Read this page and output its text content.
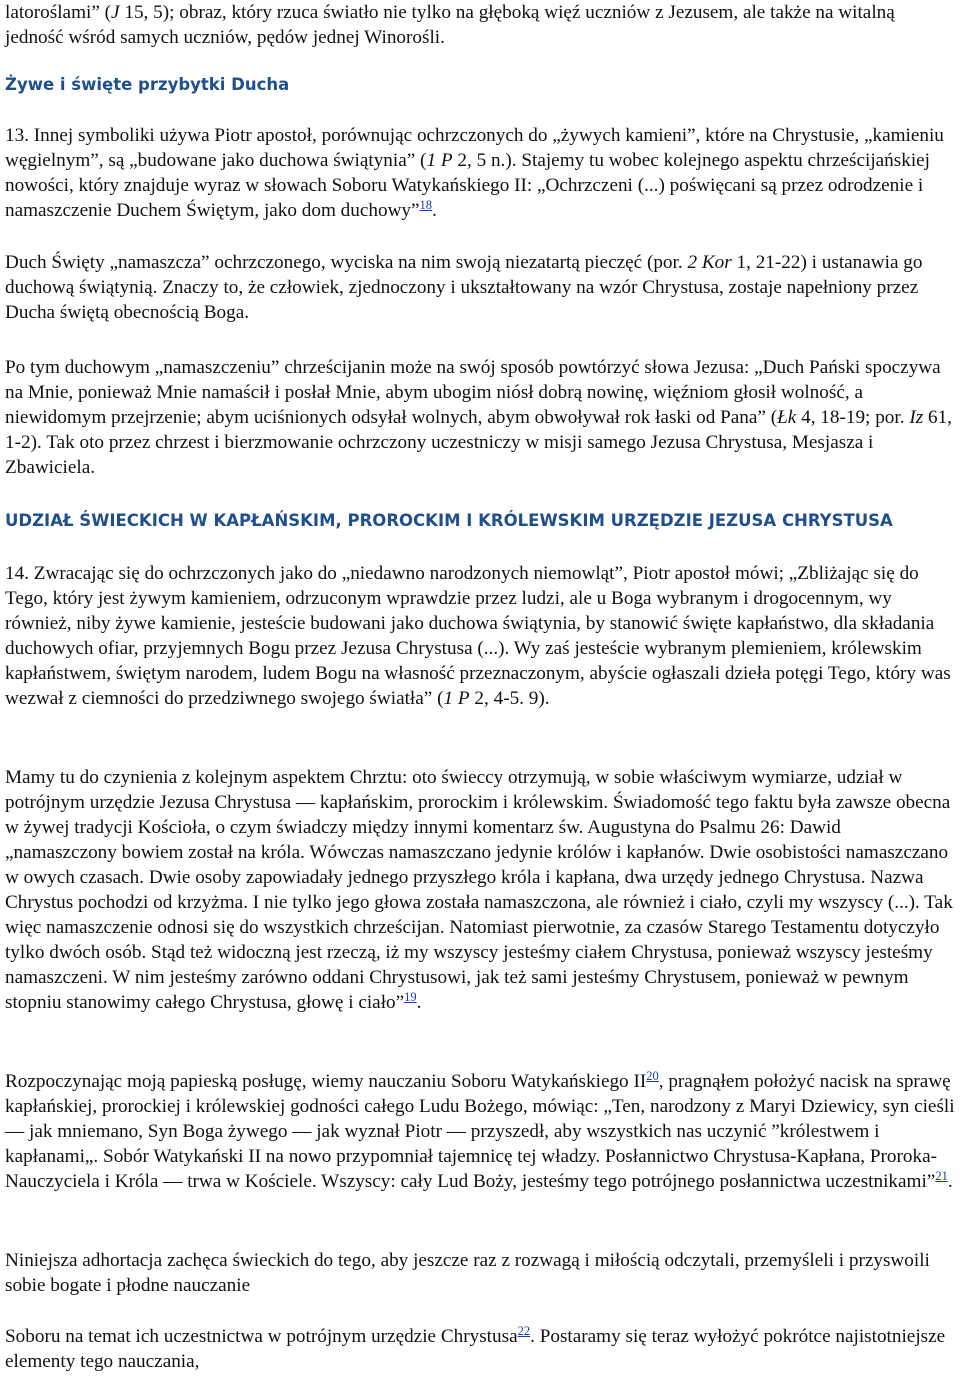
latoroślami” (J 15, 5); obraz, który rzuca światło nie tylko na głęboką więź uczniów z Jezusem, ale także na witalną jedność wśród samych uczniów, pędów jednej Winorośli.

Żywe i święte przybytki Ducha

13. Innej symboliki używa Piotr apostoł, porównując ochrzczonych do „żywych kamieni”, które na Chrystusie, „kamieniu węgielnym”, są „budowane jako duchowa świątynia” (1 P 2, 5 n.). Stajemy tu wobec kolejnego aspektu chrześcijańskiej nowości, który znajduje wyraz w słowach Soboru Watykańskiego II: „Ochrzczeni (...) poświęcani są przez odrodzenie i namaszczenie Duchem Świętym, jako dom duchowy”$^{18}$.

Duch Święty „namaszcza” ochrzczonego, wyciska na nim swoją niezatartą pieczęć (por. 2 Kor 1, 21-22) i ustanawia go duchową świątynią. Znaczy to, że człowiek, zjednoczony i ukształtowany na wzór Chrystusa, zostaje napełniony przez Ducha świętą obecnością Boga.

Po tym duchowym „namaszczeniu” chrześcijanin może na swój sposób powtórzyć słowa Jezusa: „Duch Pański spoczywa na Mnie, ponieważ Mnie namaścił i posłał Mnie, abym ubogim niósł dobrą nowinę, więźniom głosił wolność, a niewidomym przejrzenie; abym uciśnionych odsyłał wolnych, abym obwoływał rok łaski od Pana” (Łk 4, 18-19; por. Iz 61, 1-2). Tak oto przez chrzest i bierzmowanie ochrzczony uczestniczy w misji samego Jezusa Chrystusa, Mesjasza i Zbawiciela.

UDZIAŁ ŚWIECKICH W KAPŁAŃSKIM, PROROCKIM I KRÓLEWSKIM URZĘDZIE JEZUSA CHRYSTUSA

14. Zwracając się do ochrzczonych jako do „niedawno narodzonych niemowląt”, Piotr apostoł mówi; „Zbliżając się do Tego, który jest żywym kamieniem, odrzuconym wprawdzie przez ludzi, ale u Boga wybranym i drogocennym, wy również, niby żywe kamienie, jesteście budowani jako duchowa świątynia, by stanowić święte kapłaństwo, dla składania duchowych ofiar, przyjemnych Bogu przez Jezusa Chrystusa (...). Wy zaś jesteście wybranym plemieniem, królewskim kapłaństwem, świętym narodem, ludem Bogu na własność przeznaczonym, abyście ogłaszali dzieła potęgi Tego, który was wezwał z ciemności do przedziwnego swojego światła” (1 P 2, 4-5. 9).

Mamy tu do czynienia z kolejnym aspektem Chrztu: oto świeccy otrzymują, w sobie właściwym wymiarze, udział w potrójnym urzędzie Jezusa Chrystusa — kapłańskim, prorockim i królewskim. Świadomość tego faktu była zawsze obecna w żywej tradycji Kościoła, o czym świadczy między innymi komentarz św. Augustyna do Psalmu 26: Dawid „namaszczony bowiem został na króla. Wówczas namaszczano jedynie królów i kapłanów. Dwie osobistości namaszczano w owych czasach. Dwie osoby zapowiadały jednego przyszłego króla i kapłana, dwa urzędy jednego Chrystusa. Nazwa Chrystus pochodzi od krzyżma. I nie tylko jego głowa została namaszczona, ale również i ciało, czyli my wszyscy (...). Tak więc namaszczenie odnosi się do wszystkich chrześcijan. Natomiast pierwotnie, za czasów Starego Testamentu dotyczyło tylko dwóch osób. Stąd też widoczną jest rzeczą, iż my wszyscy jesteśmy ciałem Chrystusa, ponieważ wszyscy jesteśmy namaszczeni. W nim jesteśmy zarówno oddani Chrystusowi, jak też sami jesteśmy Chrystusem, ponieważ w pewnym stopniu stanowimy całego Chrystusa, głowę i ciało”$^{19}$.

Rozpoczynając moją papieską posługę, wiemy nauczaniu Soboru Watykańskiego II$^{20}$, pragnąłem położyć nacisk na sprawę kapłańskiej, prorockiej i królewskiej godności całego Ludu Bożego, mówiąc: „Ten, narodzony z Maryi Dziewicy, syn cieśli — jak mniemano, Syn Boga żywego — jak wyznał Piotr — przyszedł, aby wszystkich nas uczynić ”królestwem i kapłanami„. Sobór Watykański II na nowo przypomniał tajemnicę tej władzy. Posłannictwo Chrystusa-Kapłana, Proroka-Nauczyciela i Króla — trwa w Kościele. Wszyscy: cały Lud Boży, jesteśmy tego potrójnego posłannictwa uczestnikami”$^{21}$.

Niniejsza adhortacja zachęca świeckich do tego, aby jeszcze raz z rozwagą i miłością odczytali, przemyśleli i przyswoili sobie bogate i płodne nauczanie

Soboru na temat ich uczestnictwa w potrójnym urzędzie Chrystusa$^{22}$. Postaramy się teraz wyłożyć pokrótce najistotniejsze elementy tego nauczania,
